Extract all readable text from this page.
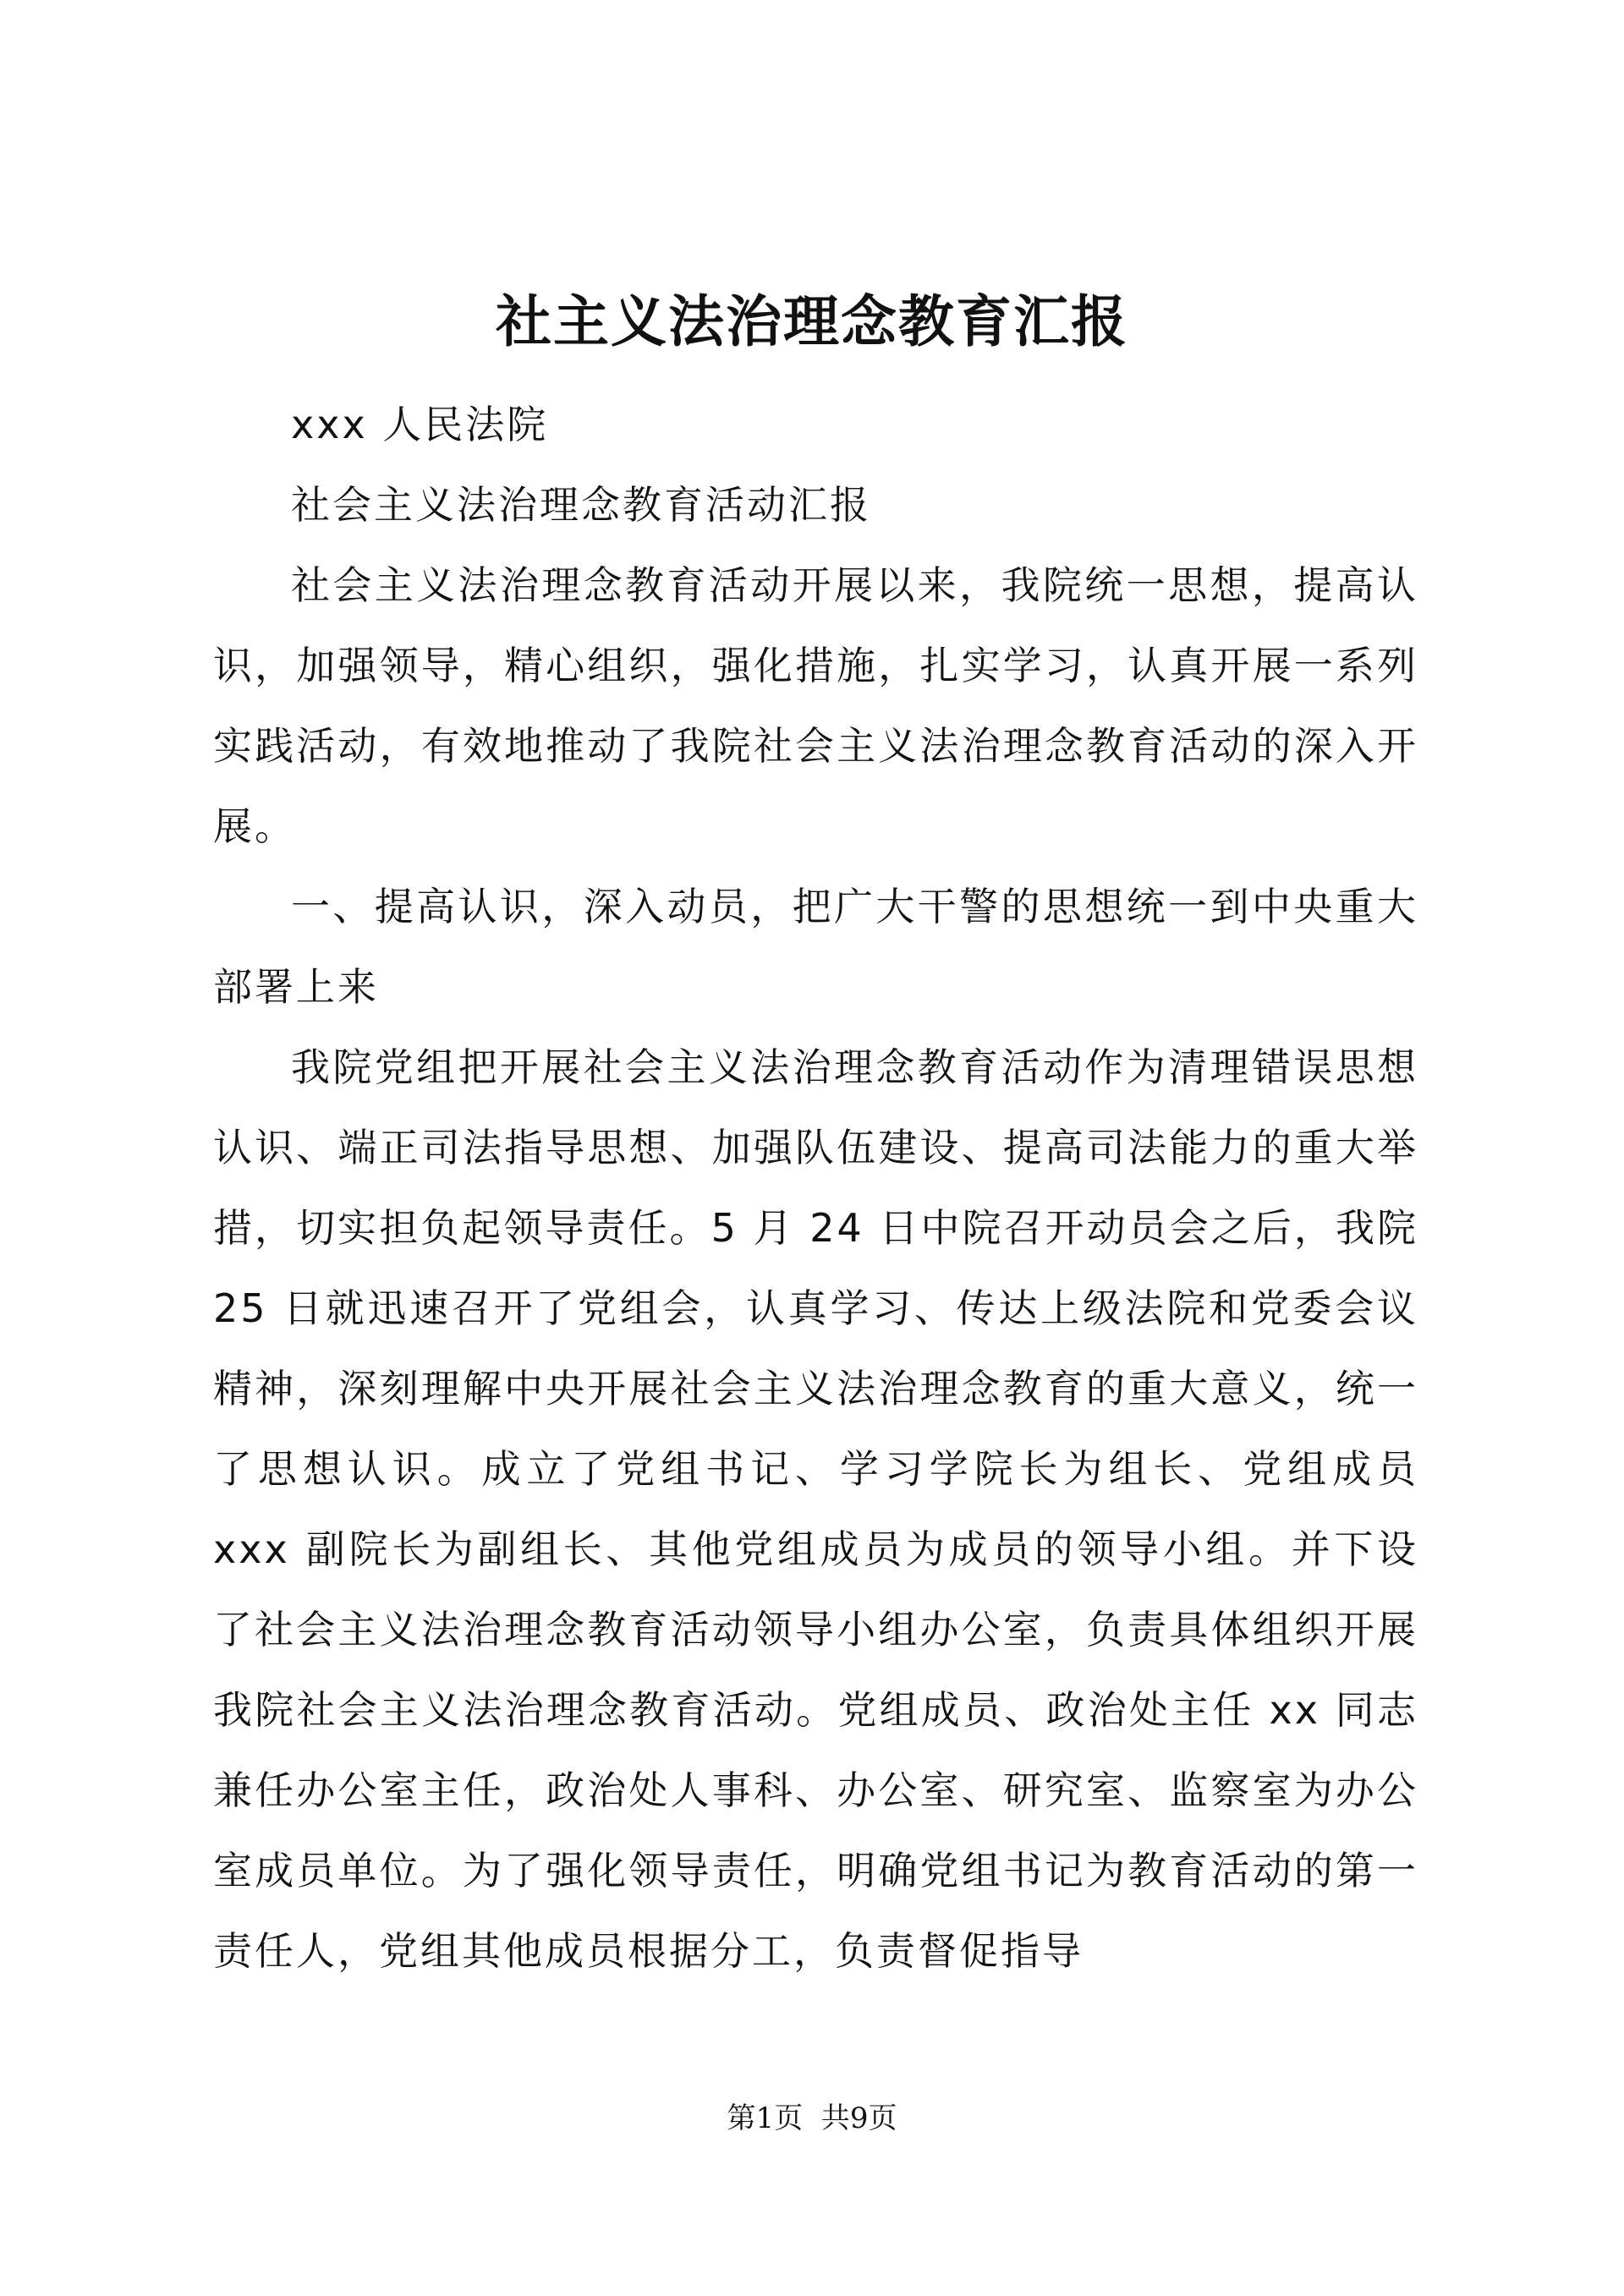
社主义法治理念教育汇报

xxx 人民法院

社会主义法治理念教育活动汇报

社会主义法治理念教育活动开展以来，我院统一思想，提高认识，加强领导，精心组织，强化措施，扎实学习，认真开展一系列实践活动，有效地推动了我院社会主义法治理念教育活动的深入开展。

一、提高认识，深入动员，把广大干警的思想统一到中央重大部署上来

我院党组把开展社会主义法治理念教育活动作为清理错误思想认识、端正司法指导思想、加强队伍建设、提高司法能力的重大举措，切实担负起领导责任。5 月 24 日中院召开动员会之后，我院 25 日就迅速召开了党组会，认真学习、传达上级法院和党委会议精神，深刻理解中央开展社会主义法治理念教育的重大意义，统一了思想认识。成立了党组书记、学习学院长为组长、党组成员 xxx 副院长为副组长、其他党组成员为成员的领导小组。并下设了社会主义法治理念教育活动领导小组办公室，负责具体组织开展我院社会主义法治理念教育活动。党组成员、政治处主任 xx 同志兼任办公室主任，政治处人事科、办公室、研究室、监察室为办公室成员单位。为了强化领导责任，明确党组书记为教育活动的第一责任人，党组其他成员根据分工，负责督促指导

第1页  共9页
